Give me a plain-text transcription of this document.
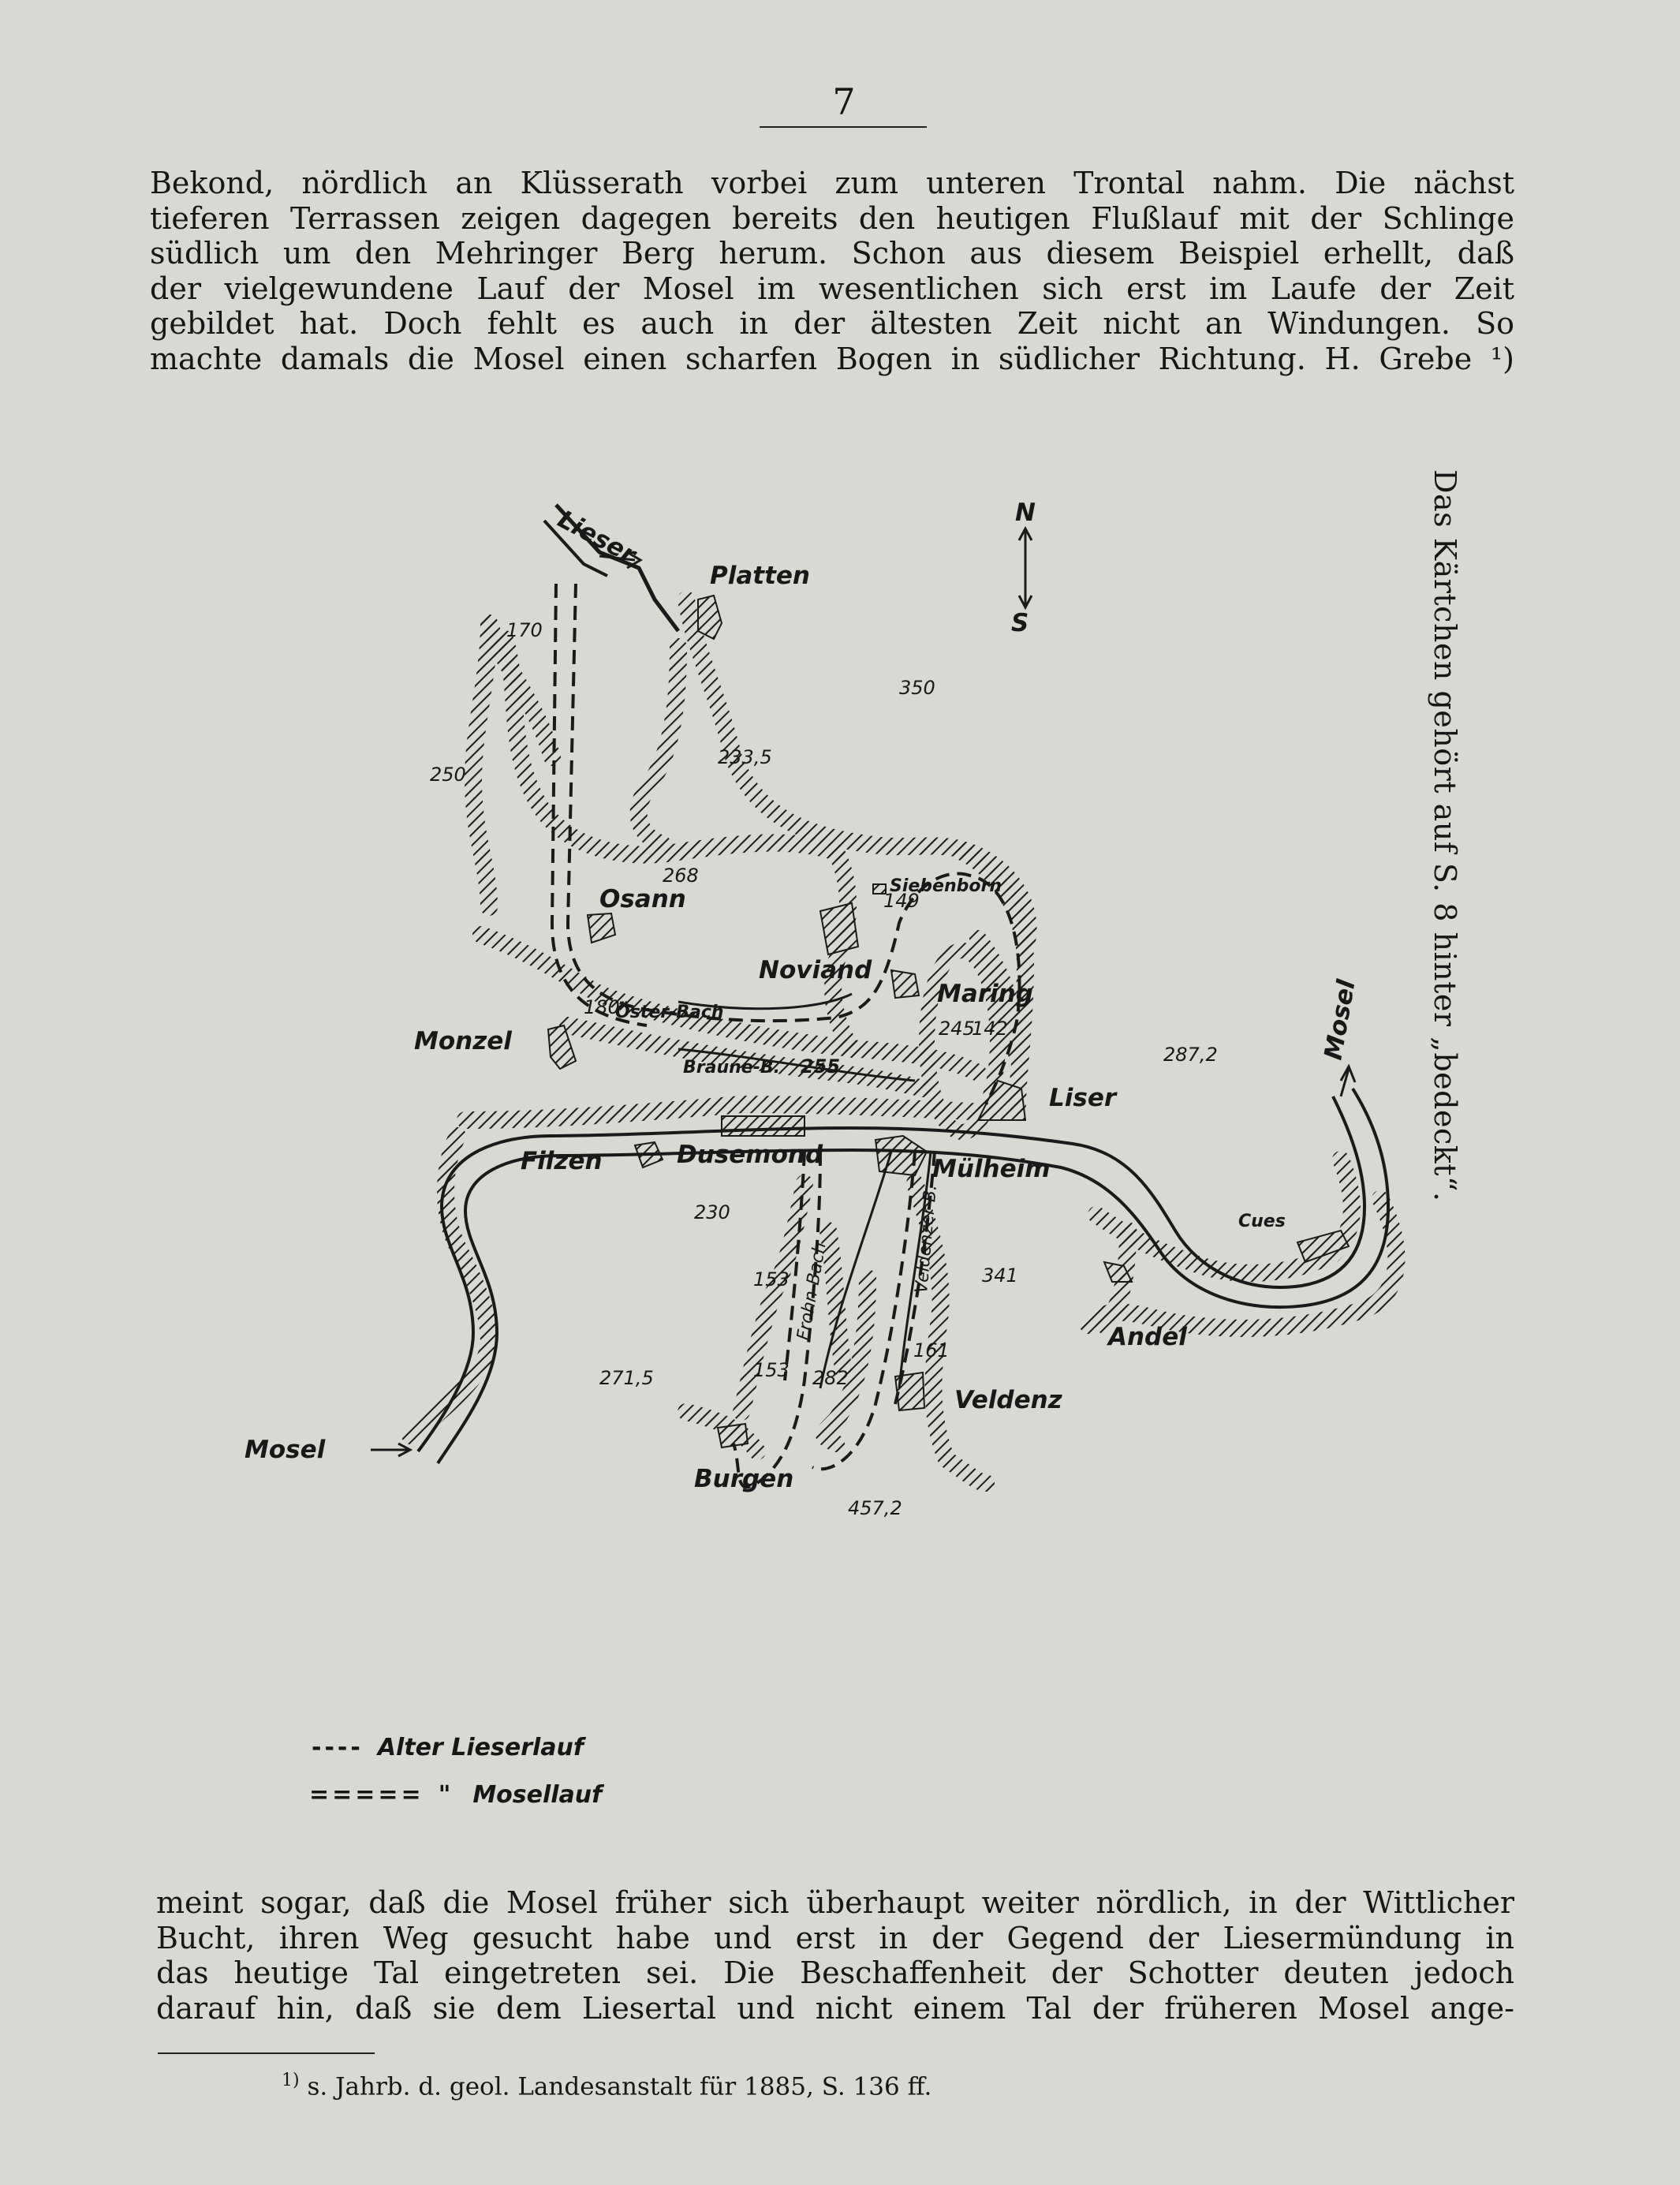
7
Bekond, nördlich an Klüsserath vorbei zum unteren Trontal nahm. Die nächst
tieferen Terrassen zeigen dagegen bereits den heutigen Flußlauf mit der Schlinge
südlich um den Mehringer Berg herum. Schon aus diesem Beispiel erhellt, daß
der vielgewundene Lauf der Mosel im wesentlichen sich erst im Laufe der Zeit
gebildet hat. Doch fehlt es auch in der ältesten Zeit nicht an Windungen. So
machte damals die Mosel einen scharfen Bogen in südlicher Richtung. H. Grebe ¹)
Das Kärtchen gehört auf S. 8 hinter „bedeckt“.
N
S
Lieser
Platten
Osann	Siebenborn
Noviand
Maring
Monzel
Liser
Filzen	Dusemond	Mülheim
Cues
Andel
Veldenz
Burgen
Mosel
Mosel
Öster-Bach
Braune-B.
Frohn-Bach	Veldenzer B.
170
350
233,5
250
268
149
180
255
245
142
287,2
230
153	341
161
153
271,5	282
457,2
---- Alter Lieserlauf
===== " Mosellauf
meint sogar, daß die Mosel früher sich überhaupt weiter nördlich, in der Wittlicher
Bucht, ihren Weg gesucht habe und erst in der Gegend der Liesermündung in
das heutige Tal eingetreten sei. Die Beschaffenheit der Schotter deuten jedoch
darauf hin, daß sie dem Liesertal und nicht einem Tal der früheren Mosel ange-
$^{1)}$ s. Jahrb. d. geol. Landesanstalt für 1885, S. 136 ff.
